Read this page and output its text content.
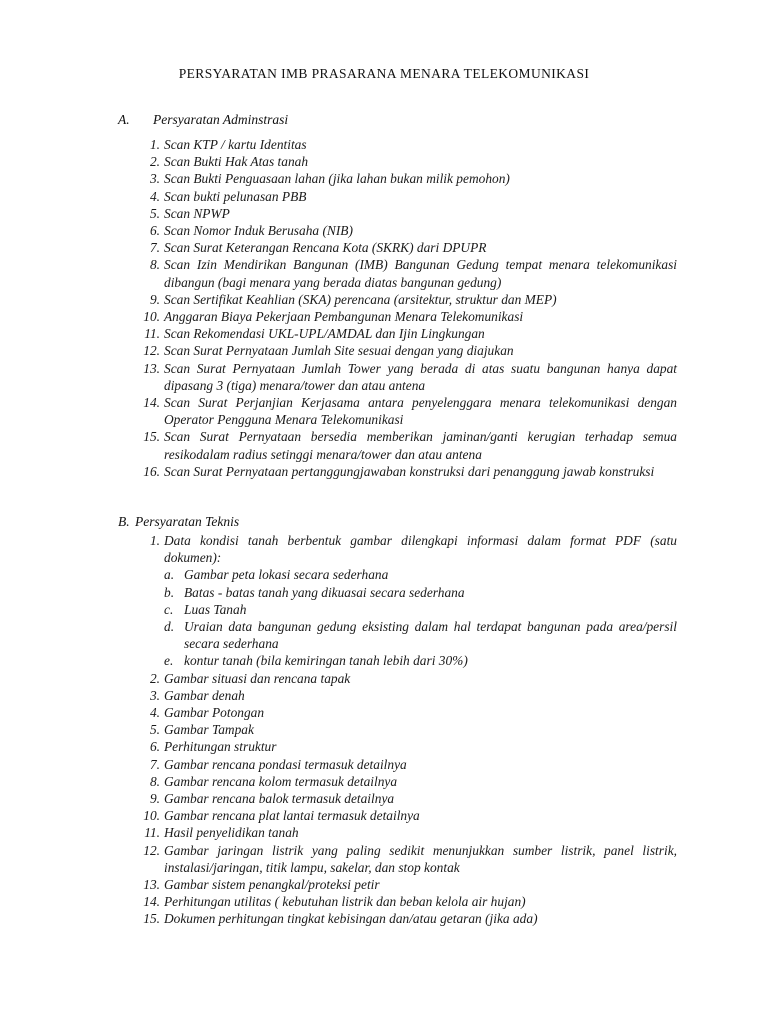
PERSYARATAN IMB PRASARANA MENARA TELEKOMUNIKASI
A. Persyaratan Adminstrasi
1. Scan KTP / kartu Identitas
2. Scan Bukti Hak Atas tanah
3. Scan Bukti Penguasaan lahan (jika lahan bukan milik pemohon)
4. Scan bukti pelunasan PBB
5. Scan NPWP
6. Scan Nomor Induk Berusaha (NIB)
7. Scan Surat Keterangan Rencana Kota (SKRK) dari DPUPR
8. Scan Izin Mendirikan Bangunan (IMB) Bangunan Gedung tempat menara telekomunikasi dibangun (bagi menara yang berada diatas bangunan gedung)
9. Scan Sertifikat Keahlian (SKA) perencana (arsitektur, struktur dan MEP)
10. Anggaran Biaya Pekerjaan Pembangunan Menara Telekomunikasi
11. Scan Rekomendasi UKL-UPL/AMDAL dan Ijin Lingkungan
12. Scan Surat Pernyataan Jumlah Site sesuai dengan yang diajukan
13. Scan Surat Pernyataan Jumlah Tower yang berada di atas suatu bangunan hanya dapat dipasang 3 (tiga) menara/tower dan atau antena
14. Scan Surat Perjanjian Kerjasama antara penyelenggara menara telekomunikasi dengan Operator Pengguna Menara Telekomunikasi
15. Scan Surat Pernyataan bersedia memberikan jaminan/ganti kerugian terhadap semua resikodalam radius setinggi menara/tower dan atau antena
16. Scan Surat Pernyataan pertanggungjawaban konstruksi dari penanggung jawab konstruksi
B. Persyaratan Teknis
1. Data kondisi tanah berbentuk gambar dilengkapi informasi dalam format PDF (satu dokumen):
a. Gambar peta lokasi secara sederhana
b. Batas - batas tanah yang dikuasai secara sederhana
c. Luas Tanah
d. Uraian data bangunan gedung eksisting dalam hal terdapat bangunan pada area/persil secara sederhana
e. kontur tanah (bila kemiringan tanah lebih dari 30%)
2. Gambar situasi dan rencana tapak
3. Gambar denah
4. Gambar Potongan
5. Gambar Tampak
6. Perhitungan struktur
7. Gambar rencana pondasi termasuk detailnya
8. Gambar rencana kolom termasuk detailnya
9. Gambar rencana balok termasuk detailnya
10. Gambar rencana plat lantai termasuk detailnya
11. Hasil penyelidikan tanah
12. Gambar jaringan listrik yang paling sedikit menunjukkan sumber listrik, panel listrik, instalasi/jaringan, titik lampu, sakelar, dan stop kontak
13. Gambar sistem penangkal/proteksi petir
14. Perhitungan utilitas ( kebutuhan listrik dan beban kelola air hujan)
15. Dokumen perhitungan tingkat kebisingan dan/atau getaran (jika ada)
